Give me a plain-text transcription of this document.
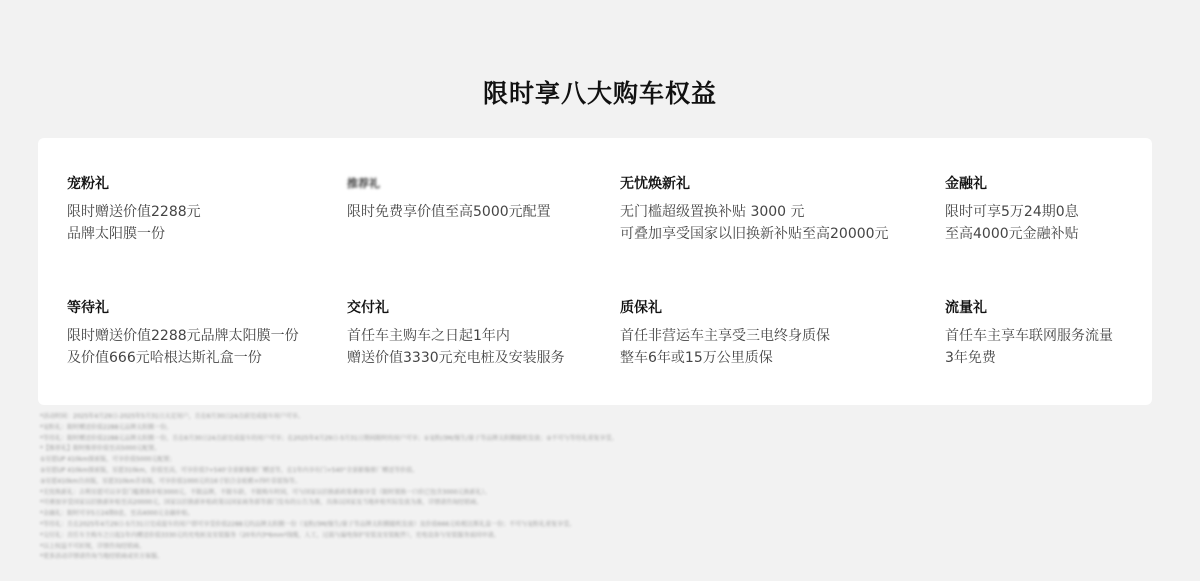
限时享八大购车权益
宠粉礼
限时赠送价值2288元
品牌太阳膜一份
推荐礼
限时免费享价值至高5000元配置
无忧焕新礼
无门槛超级置换补贴 3000 元
可叠加享受国家以旧换新补贴至高20000元
金融礼
限时可享5万24期0息
至高4000元金融补贴
等待礼
限时赠送价值2288元品牌太阳膜一份
及价值666元哈根达斯礼盒一份
交付礼
首任车主购车之日起1年内
赠送价值3330元充电桩及安装服务
质保礼
首任非营运车主享受三电终身质保
整车6年或15万公里质保
流量礼
首任车主享车联网服务流量
3年免费
*活动时间：2025年4月29日-2025年5月31日大定用户，且在6月30日24点前完成提车用户可享。
*宠粉礼：限时赠送价值2288元品牌太阳膜一份。
*等待礼：限时赠送价值2288元品牌太阳膜一份，且在6月30日24点前完成提车的用户可享；在2025年4月29日-5月31日期间限时的用户可享；①宠粉/3M/强生/量子等品牌太阳膜随机发放；②不可与等待礼重复享受。
*【推荐礼】限时推荐价值至高5000元配置。
①星愿UP 410km探索版，可享价值5000元配置；
②星愿UP 410km探索版，星愿310km，价值至高，可享价值7+540'全景影像原厂赠送等，在1年内享有门+540°全景影像原厂赠送等价值。
③星愿410km自由版，星愿310km青春版，可享价值1000元的16寸铝合金轮毂+四叶草装饰等。
*无忧焕新礼：吉利星愿可以享受门槛置换补贴3000元，不限品牌，不限车龄，不限购车时间，可与国家以旧换新政策叠加享受（限时置换一口价已包含3000元换新礼）。
*可叠加享受国家以旧换新补贴至高20000元，国家以旧换新补贴政策以国家商务部等部门发布的公告为准，具体以国家及当地补贴实际发放为准，详情请咨询经销商。
*金融礼：限时可享5万24期0息，至高4000元金融补贴。
*等待礼：且在2025年4月29日-5月31日完成提车的用户即可享受价值2288元的品牌太阳膜一份（宠粉/3M/强生/量子等品牌太阳膜随机发放）及价值666元哈根达斯礼盒一份；不可与宠粉礼重复享受。
*交付礼：首任车主购车之日起1年内赠送价值3330元的充电桩及安装服务（20米内3*6mm²线缆，人工，过载与漏电保护安装及安装配件），充电设备与安装服务需同申请。
*以上权益不可折现，详情咨询经销商。
*更多活动详情请咨询当地经销商或官方客服。
